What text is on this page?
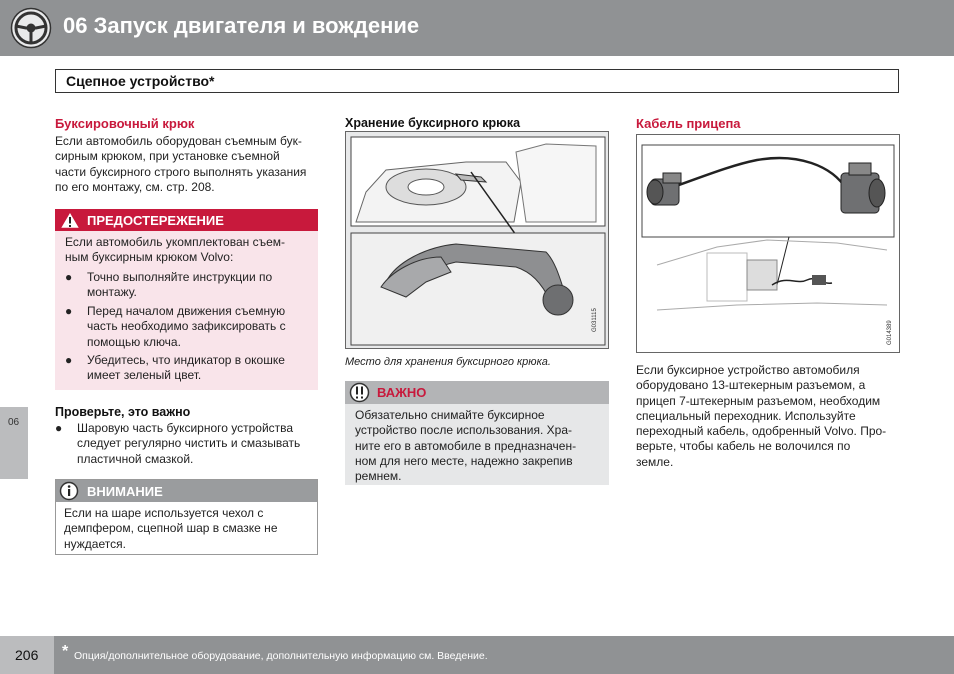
06 Запуск двигателя и вождение
Сцепное устройство*
06
Буксировочный крюк
Если автомобиль оборудован съемным бук-
сирным крюком, при установке съемной
части буксирного строго выполнять указания
по его монтажу, см. стр. 208.
ПРЕДОСТЕРЕЖЕНИЕ
Если автомобиль укомплектован съем-
ным буксирным крюком Volvo:
● Точно выполняйте инструкции по
монтажу.
● Перед началом движения съемную
часть необходимо зафиксировать с
помощью ключа.
● Убедитесь, что индикатор в окошке
имеет зеленый цвет.
Проверьте, это важно
● Шаровую часть буксирного устройства
следует регулярно чистить и смазывать
пластичной смазкой.
ВНИМАНИЕ
Если на шаре используется чехол с
демпфером, сцепной шар в смазке не
нуждается.
Хранение буксирного крюка
G031115
Место для хранения буксирного крюка.
ВАЖНО
Обязательно снимайте буксирное
устройство после использования. Хра-
ните его в автомобиле в предназначен-
ном для него месте, надежно закрепив
ремнем.
Кабель прицепа
G014389
Если буксирное устройство автомобиля
оборудовано 13-штекерным разъемом, а
прицеп 7-штекерным разъемом, необходим
специальный переходник. Используйте
переходный кабель, одобренный Volvo. Про-
верьте, чтобы кабель не волочился по
земле.
206 * Опция/дополнительное оборудование, дополнительную информацию см. Введение.
